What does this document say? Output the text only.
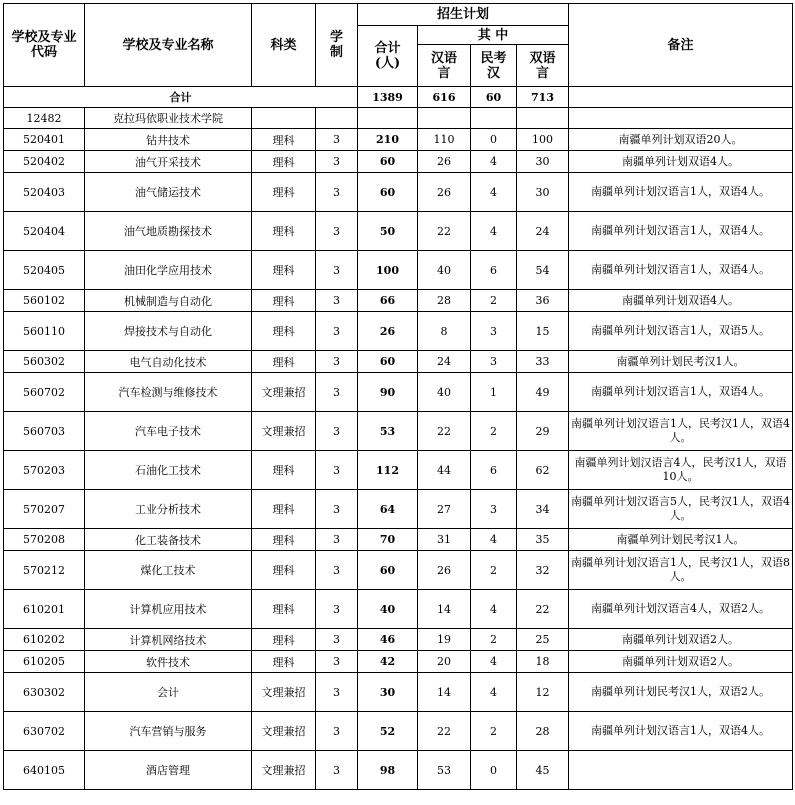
学校及专业代码	学校及专业名称	科类	学制	招生计划				备注
				合计(人)	其 中			
					汉语言	民考汉	双语言	
合计				1389	616	60	713	
12482	克拉玛依职业技术学院							
520401	钻井技术	理科	3	210	110	0	100	南疆单列计划双语20人。
520402	油气开采技术	理科	3	60	26	4	30	南疆单列计划双语4人。
520403	油气储运技术	理科	3	60	26	4	30	南疆单列计划汉语言1人，双语4人。
520404	油气地质勘探技术	理科	3	50	22	4	24	南疆单列计划汉语言1人，双语4人。
520405	油田化学应用技术	理科	3	100	40	6	54	南疆单列计划汉语言1人，双语4人。
560102	机械制造与自动化	理科	3	66	28	2	36	南疆单列计划双语4人。
560110	焊接技术与自动化	理科	3	26	8	3	15	南疆单列计划汉语言1人，双语5人。
560302	电气自动化技术	理科	3	60	24	3	33	南疆单列计划民考汉1人。
560702	汽车检测与维修技术	文理兼招	3	90	40	1	49	南疆单列计划汉语言1人，双语4人。
560703	汽车电子技术	文理兼招	3	53	22	2	29	南疆单列计划汉语言1人，民考汉1人，双语4人。
570203	石油化工技术	理科	3	112	44	6	62	南疆单列计划汉语言4人，民考汉1人，双语10人。
570207	工业分析技术	理科	3	64	27	3	34	南疆单列计划汉语言5人，民考汉1人，双语4人。
570208	化工装备技术	理科	3	70	31	4	35	南疆单列计划民考汉1人。
570212	煤化工技术	理科	3	60	26	2	32	南疆单列计划汉语言1人，民考汉1人，双语8人。
610201	计算机应用技术	理科	3	40	14	4	22	南疆单列计划汉语言4人，双语2人。
610202	计算机网络技术	理科	3	46	19	2	25	南疆单列计划双语2人。
610205	软件技术	理科	3	42	20	4	18	南疆单列计划双语2人。
630302	会计	文理兼招	3	30	14	4	12	南疆单列计划民考汉1人，双语2人。
630702	汽车营销与服务	文理兼招	3	52	22	2	28	南疆单列计划汉语言1人，双语4人。
640105	酒店管理	文理兼招	3	98	53	0	45	
